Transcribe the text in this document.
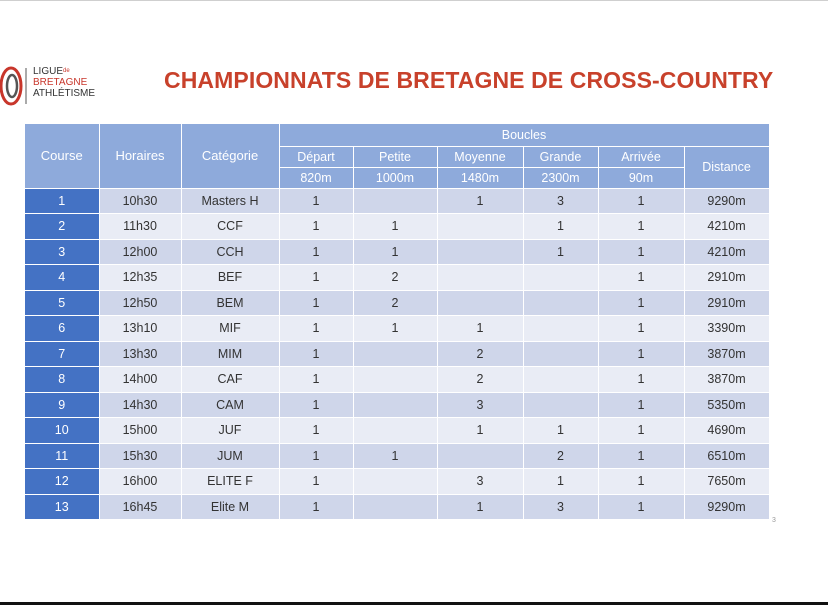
$LIGUE^{de}$
BRETAGNE
ATHLÉTISME
CHAMPIONNATS DE BRETAGNE DE CROSS-COUNTRY
Course	Horaires	Catégorie	Boucles					
			Départ	Petite	Moyenne	Grande	Arrivée	Distance
			820m	1000m	1480m	2300m	90m	
1	10h30	Masters H	1		1	3	1	9290m
2	11h30	CCF	1	1		1	1	4210m
3	12h00	CCH	1	1		1	1	4210m
4	12h35	BEF	1	2			1	2910m
5	12h50	BEM	1	2			1	2910m
6	13h10	MIF	1	1	1		1	3390m
7	13h30	MIM	1		2		1	3870m
8	14h00	CAF	1		2		1	3870m
9	14h30	CAM	1		3		1	5350m
10	15h00	JUF	1		1	1	1	4690m
11	15h30	JUM	1	1		2	1	6510m
12	16h00	ELITE F	1		3	1	1	7650m
13	16h45	Elite M	1		1	3	1	9290m
3
